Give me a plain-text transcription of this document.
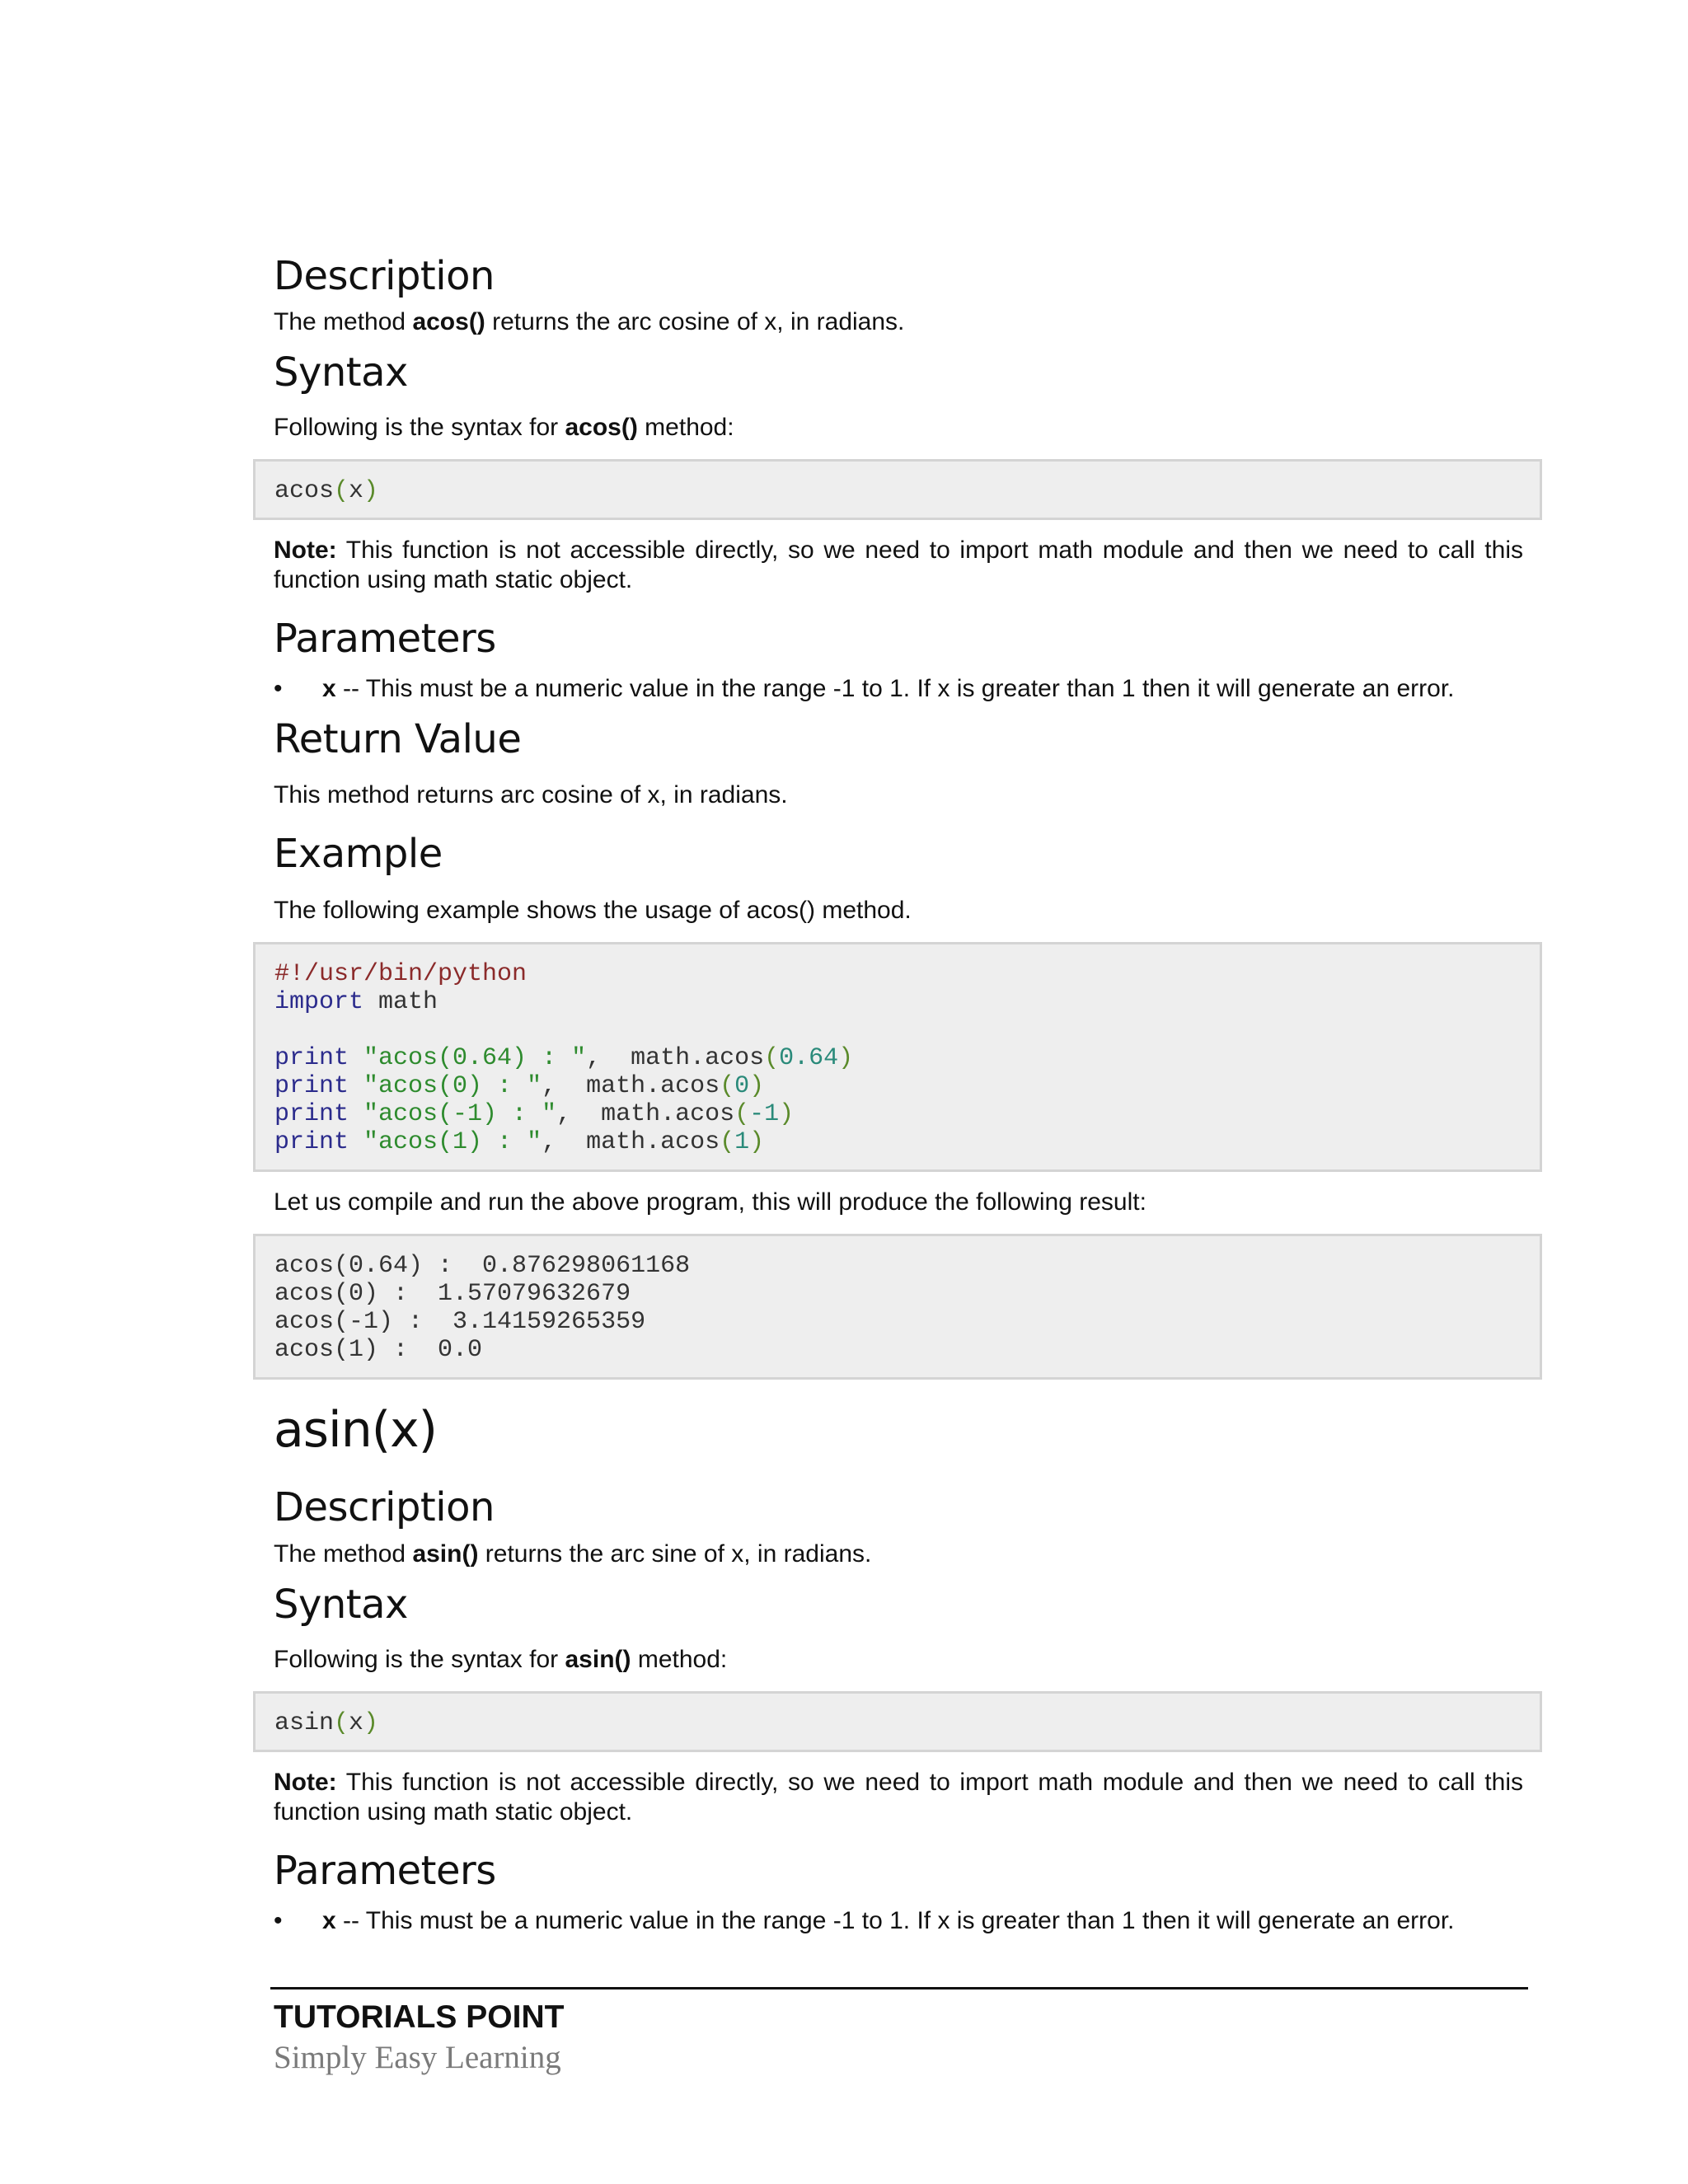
Description
The method acos() returns the arc cosine of x, in radians.
Syntax
Following is the syntax for acos() method:
acos(x)
Note: This function is not accessible directly, so we need to import math module and then we need to call this function using math static object.
Parameters
• x -- This must be a numeric value in the range -1 to 1. If x is greater than 1 then it will generate an error.
Return Value
This method returns arc cosine of x, in radians.
Example
The following example shows the usage of acos() method.
#!/usr/bin/python
import math

print "acos(0.64) : ",  math.acos(0.64)
print "acos(0) : ",  math.acos(0)
print "acos(-1) : ",  math.acos(-1)
print "acos(1) : ",  math.acos(1)
Let us compile and run the above program, this will produce the following result:
acos(0.64) :  0.876298061168
acos(0) :  1.57079632679
acos(-1) :  3.14159265359
acos(1) :  0.0
asin(x)
Description
The method asin() returns the arc sine of x, in radians.
Syntax
Following is the syntax for asin() method:
asin(x)
Note: This function is not accessible directly, so we need to import math module and then we need to call this function using math static object.
Parameters
• x -- This must be a numeric value in the range -1 to 1. If x is greater than 1 then it will generate an error.
TUTORIALS POINT
Simply Easy Learning
